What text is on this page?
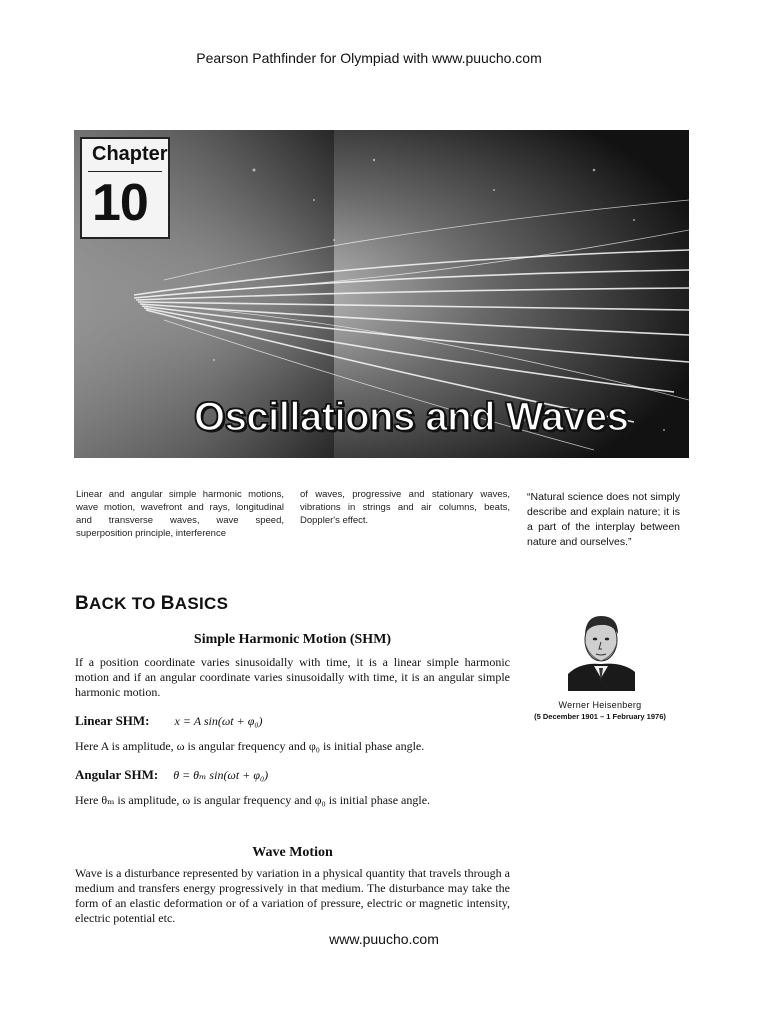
Pearson Pathfinder for Olympiad with www.puucho.com
Chapter
10
Oscillations and Waves
Linear and angular simple harmonic motions, wave motion, wavefront and rays, longitudinal and transverse waves, wave speed, superposition principle, interference
of waves, progressive and stationary waves, vibrations in strings and air columns, beats, Doppler's effect.
“Natural science does not simply describe and explain nature; it is a part of the interplay between nature and ourselves.”
BACK TO BASICS
Simple Harmonic Motion (SHM)
If a position coordinate varies sinusoidally with time, it is a linear simple harmonic motion and if an angular coordinate varies sinusoidally with time, it is an angular simple harmonic motion.
Linear SHM: x = A sin(ωt + φ₀)
Here A is amplitude, ω is angular frequency and φ₀ is initial phase angle.
Angular SHM: θ = θₘ sin(ωt + φ₀)
Here θₘ is amplitude, ω is angular frequency and φ₀ is initial phase angle.
Wave Motion
Wave is a disturbance represented by variation in a physical quantity that travels through a medium and transfers energy progressively in that medium. The disturbance may take the form of an elastic deformation or of a variation of pressure, electric or magnetic intensity, electric potential etc.
Werner Heisenberg
(5 December 1901 – 1 February 1976)
www.puucho.com
